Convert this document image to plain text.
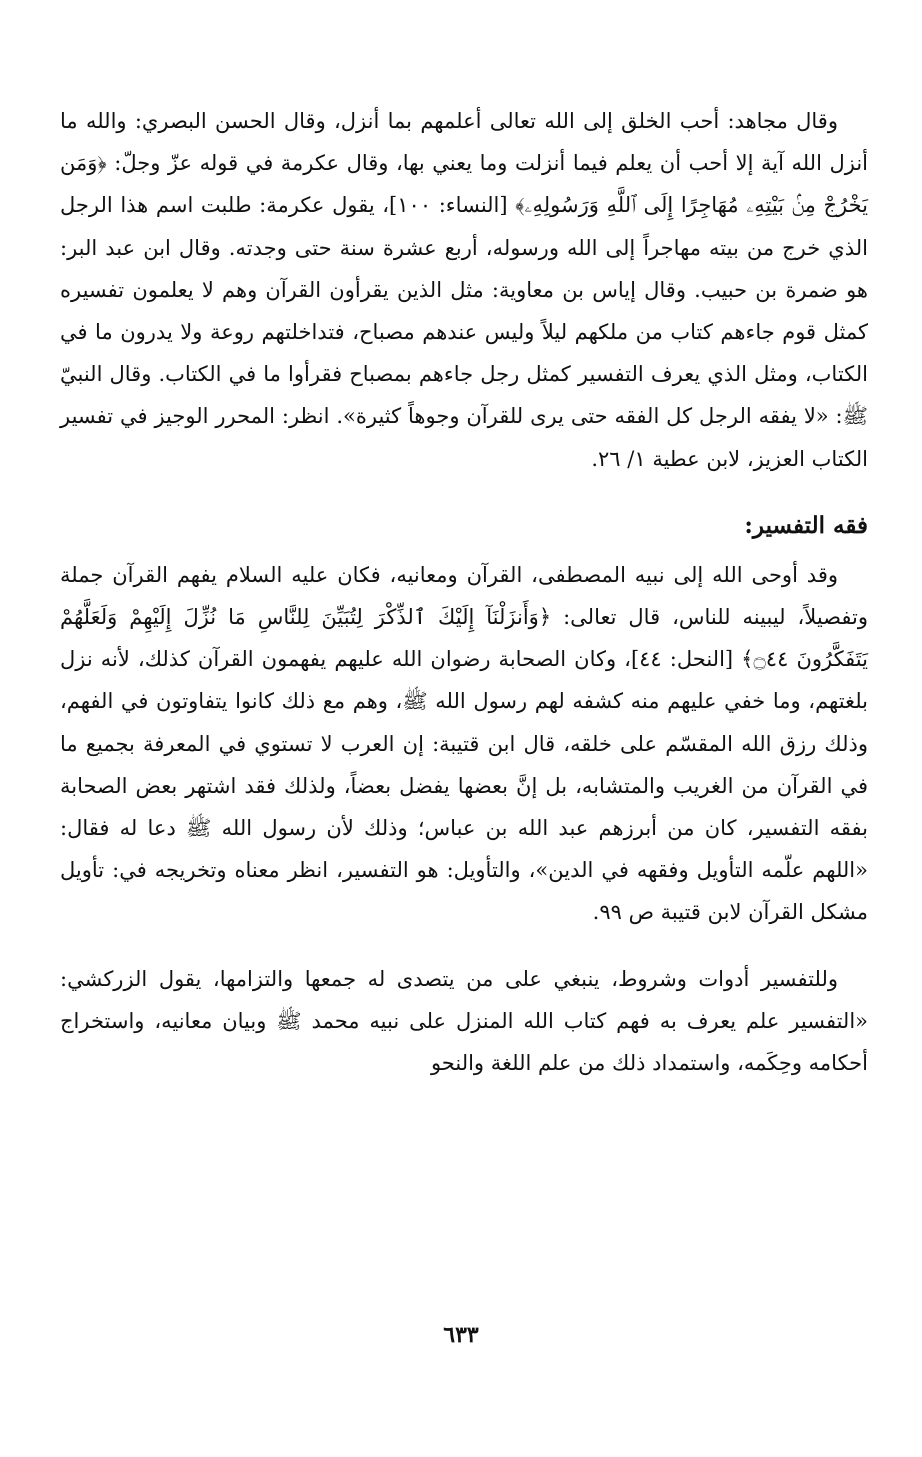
وقال مجاهد: أحب الخلق إلى الله تعالى أعلمهم بما أنزل، وقال الحسن البصري: والله ما أنزل الله آية إلا أحب أن يعلم فيما أنزلت وما يعني بها، وقال عكرمة في قوله عزّ وجلّ: ﴿وَمَن يَخْرُجْ مِنۢ بَيْتِهِۦ مُهَاجِرًا إِلَى ٱللَّهِ وَرَسُولِهِۦ﴾ [النساء: ١٠٠]، يقول عكرمة: طلبت اسم هذا الرجل الذي خرج من بيته مهاجراً إلى الله ورسوله، أربع عشرة سنة حتى وجدته. وقال ابن عبد البر: هو ضمرة بن حبيب. وقال إياس بن معاوية: مثل الذين يقرأون القرآن وهم لا يعلمون تفسيره كمثل قوم جاءهم كتاب من ملكهم ليلاً وليس عندهم مصباح، فتداخلتهم روعة ولا يدرون ما في الكتاب، ومثل الذي يعرف التفسير كمثل رجل جاءهم بمصباح فقرأوا ما في الكتاب. وقال النبيّ ﷺ: «لا يفقه الرجل كل الفقه حتى يرى للقرآن وجوهاً كثيرة». انظر: المحرر الوجيز في تفسير الكتاب العزيز، لابن عطية ١/ ٢٦.

فقه التفسير:

وقد أوحى الله إلى نبيه المصطفى، القرآن ومعانيه، فكان عليه السلام يفهم القرآن جملة وتفصيلاً، ليبينه للناس، قال تعالى: ﴿وَأَنزَلْنَآ إِلَيْكَ ٱلذِّكْرَ لِتُبَيِّنَ لِلنَّاسِ مَا نُزِّلَ إِلَيْهِمْ وَلَعَلَّهُمْ يَتَفَكَّرُونَ ۝٤٤﴾ [النحل: ٤٤]، وكان الصحابة رضوان الله عليهم يفهمون القرآن كذلك، لأنه نزل بلغتهم، وما خفي عليهم منه كشفه لهم رسول الله ﷺ، وهم مع ذلك كانوا يتفاوتون في الفهم، وذلك رزق الله المقسّم على خلقه، قال ابن قتيبة: إن العرب لا تستوي في المعرفة بجميع ما في القرآن من الغريب والمتشابه، بل إنَّ بعضها يفضل بعضاً، ولذلك فقد اشتهر بعض الصحابة بفقه التفسير، كان من أبرزهم عبد الله بن عباس؛ وذلك لأن رسول الله ﷺ دعا له فقال: «اللهم علّمه التأويل وفقهه في الدين»، والتأويل: هو التفسير، انظر معناه وتخريجه في: تأويل مشكل القرآن لابن قتيبة ص ٩٩.

وللتفسير أدوات وشروط، ينبغي على من يتصدى له جمعها والتزامها، يقول الزركشي: «التفسير علم يعرف به فهم كتاب الله المنزل على نبيه محمد ﷺ وبيان معانيه، واستخراج أحكامه وحِكَمه، واستمداد ذلك من علم اللغة والنحو

٦٣٣
